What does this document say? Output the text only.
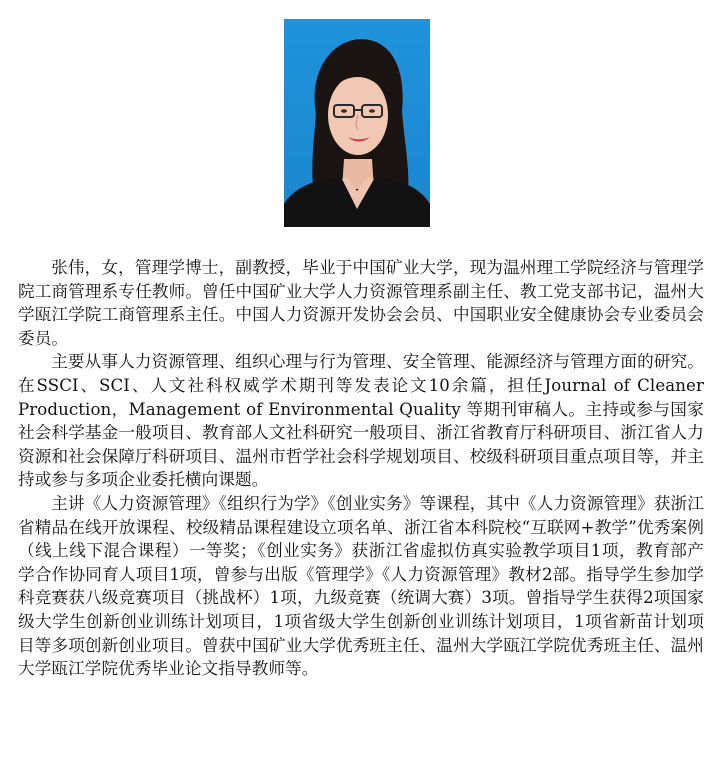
张伟，女，管理学博士，副教授，毕业于中国矿业大学，现为温州理工学院经济与管理学院工商管理系专任教师。曾任中国矿业大学人力资源管理系副主任、教工党支部书记，温州大学瓯江学院工商管理系主任。中国人力资源开发协会会员、中国职业安全健康协会专业委员会委员。

主要从事人力资源管理、组织心理与行为管理、安全管理、能源经济与管理方面的研究。在SSCI、SCI、人文社科权威学术期刊等发表论文10余篇，担任Journal of Cleaner Production，Management of Environmental Quality 等期刊审稿人。主持或参与国家社会科学基金一般项目、教育部人文社科研究一般项目、浙江省教育厅科研项目、浙江省人力资源和社会保障厅科研项目、温州市哲学社会科学规划项目、校级科研项目重点项目等，并主持或参与多项企业委托横向课题。

主讲《人力资源管理》《组织行为学》《创业实务》等课程，其中《人力资源管理》获浙江省精品在线开放课程、校级精品课程建设立项名单、浙江省本科院校“互联网+教学”优秀案例（线上线下混合课程）一等奖；《创业实务》获浙江省虚拟仿真实验教学项目1项，教育部产学合作协同育人项目1项，曾参与出版《管理学》《人力资源管理》教材2部。指导学生参加学科竞赛获八级竞赛项目（挑战杯）1项，九级竞赛（统调大赛）3项。曾指导学生获得2项国家级大学生创新创业训练计划项目，1项省级大学生创新创业训练计划项目，1项省新苗计划项目等多项创新创业项目。曾获中国矿业大学优秀班主任、温州大学瓯江学院优秀班主任、温州大学瓯江学院优秀毕业论文指导教师等。
